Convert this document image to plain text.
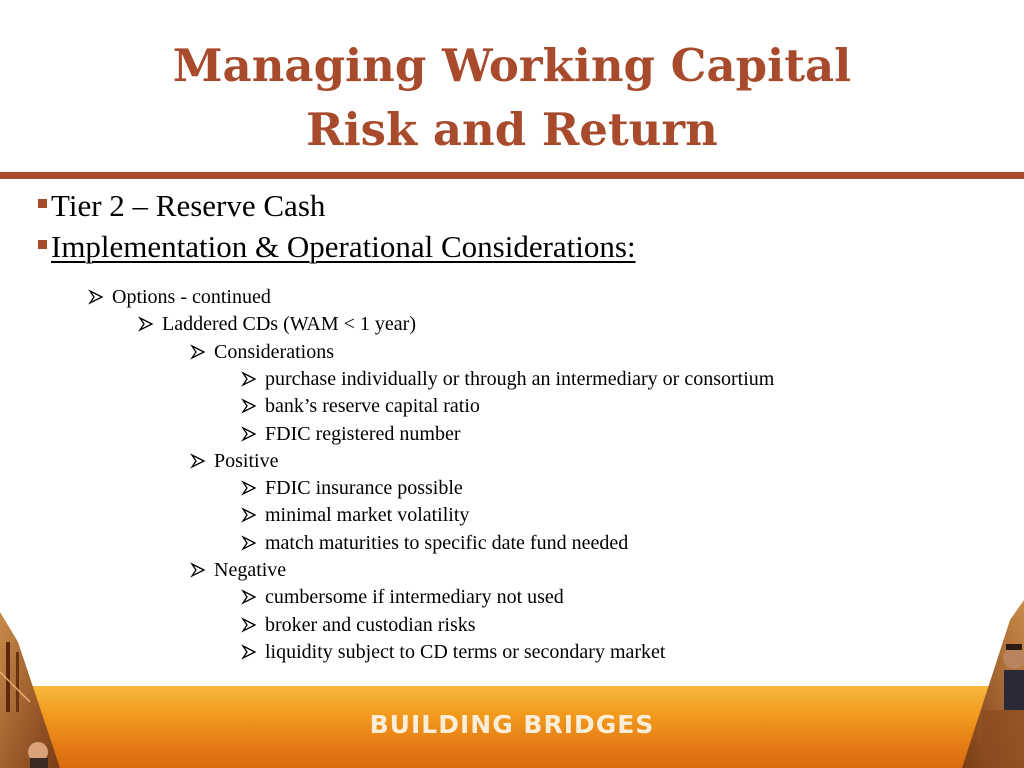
Managing Working Capital
Risk and Return
Tier 2 – Reserve Cash
Implementation & Operational Considerations:
Options - continued
Laddered CDs (WAM < 1 year)
Considerations
purchase individually or through an intermediary or consortium
bank’s reserve capital ratio
FDIC registered number
Positive
FDIC insurance possible
minimal market volatility
match maturities to specific date fund needed
Negative
cumbersome if intermediary not used
broker and custodian risks
liquidity subject to CD terms or secondary market
BUILDING BRIDGES
